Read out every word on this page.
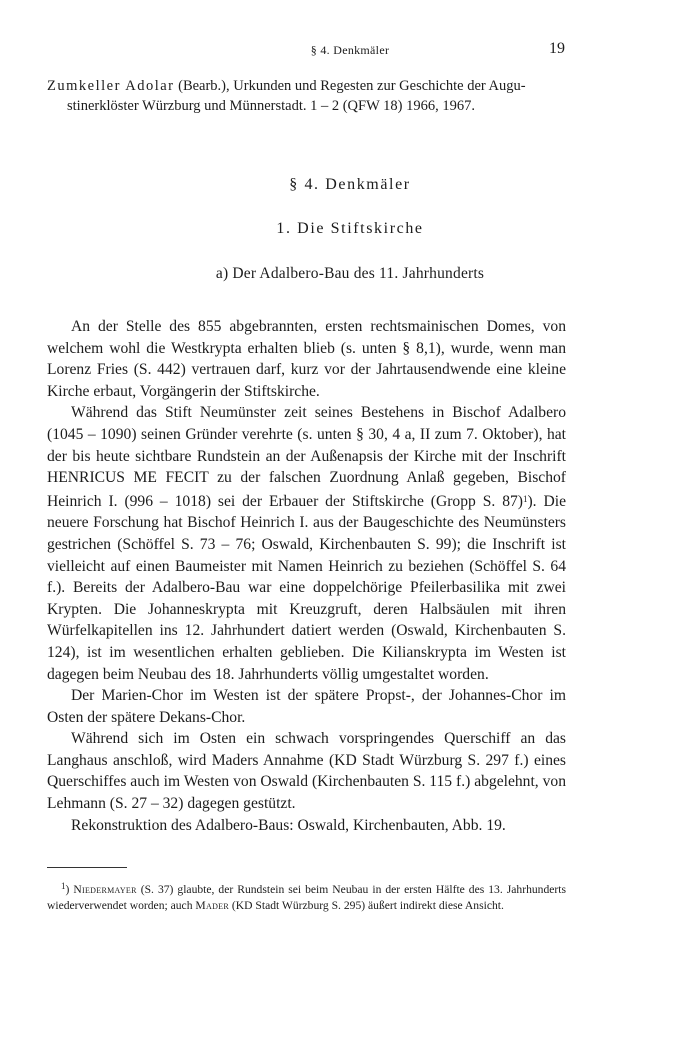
§ 4. Denkmäler	19
Zumkeller Adolar (Bearb.), Urkunden und Regesten zur Geschichte der Augu-
stinerklöster Würzburg und Münnerstadt. 1 – 2 (QFW 18) 1966, 1967.
§ 4. Denkmäler
1. Die Stiftskirche
a) Der Adalbero-Bau des 11. Jahrhunderts

An der Stelle des 855 abgebrannten, ersten rechtsmainischen Domes, von welchem wohl die Westkrypta erhalten blieb (s. unten § 8,1), wurde, wenn man Lorenz Fries (S. 442) vertrauen darf, kurz vor der Jahrtausendwende eine kleine Kirche erbaut, Vorgängerin der Stiftskirche.

Während das Stift Neumünster zeit seines Bestehens in Bischof Adalbero (1045 – 1090) seinen Gründer verehrte (s. unten § 30, 4 a, II zum 7. Oktober), hat der bis heute sichtbare Rundstein an der Außenapsis der Kirche mit der Inschrift HENRICUS ME FECIT zu der falschen Zuordnung Anlaß gegeben, Bischof Heinrich I. (996 – 1018) sei der Erbauer der Stiftskirche (Gropp S. 87)$^1$). Die neuere Forschung hat Bischof Heinrich I. aus der Baugeschichte des Neumünsters gestrichen (Schöffel S. 73 – 76; Oswald, Kirchenbauten S. 99); die Inschrift ist vielleicht auf einen Baumeister mit Namen Heinrich zu beziehen (Schöffel S. 64 f.). Bereits der Adalbero-Bau war eine doppelchörige Pfeilerbasilika mit zwei Krypten. Die Johanneskrypta mit Kreuzgruft, deren Halbsäulen mit ihren Würfelkapitellen ins 12. Jahrhundert datiert werden (Oswald, Kirchenbauten S. 124), ist im wesentlichen erhalten geblieben. Die Kilianskrypta im Westen ist dagegen beim Neubau des 18. Jahrhunderts völlig umgestaltet worden.

Der Marien-Chor im Westen ist der spätere Propst-, der Johannes-Chor im Osten der spätere Dekans-Chor.

Während sich im Osten ein schwach vorspringendes Querschiff an das Langhaus anschloß, wird Maders Annahme (KD Stadt Würzburg S. 297 f.) eines Querschiffes auch im Westen von Oswald (Kirchenbauten S. 115 f.) abgelehnt, von Lehmann (S. 27 – 32) dagegen gestützt.

Rekonstruktion des Adalbero-Baus: Oswald, Kirchenbauten, Abb. 19.

$^1$) Niedermayer (S. 37) glaubte, der Rundstein sei beim Neubau in der ersten Hälfte des 13. Jahrhunderts wiederverwendet worden; auch Mader (KD Stadt Würzburg S. 295) äußert indirekt diese Ansicht.
